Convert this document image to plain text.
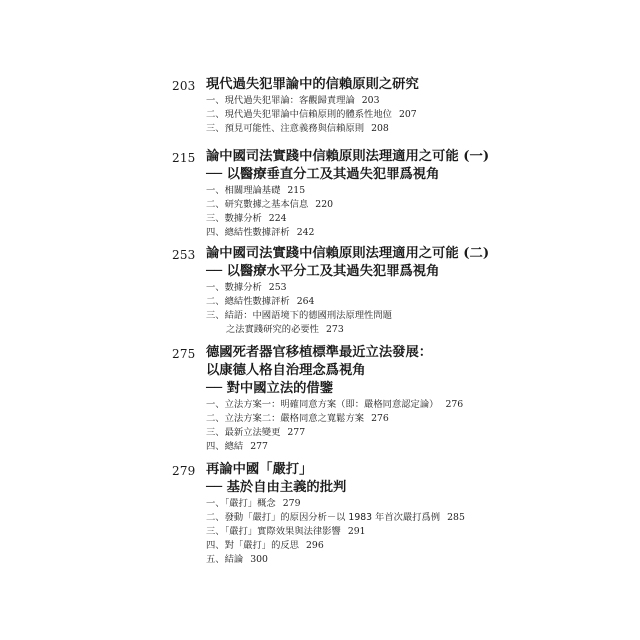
203 現代過失犯罪論中的信賴原則之研究
一、現代過失犯罪論：客觀歸責理論 203
二、現代過失犯罪論中信賴原則的體系性地位 207
三、預見可能性、注意義務與信賴原則 208
215 論中國司法實踐中信賴原則法理適用之可能 (一)
── 以醫療垂直分工及其過失犯罪爲視角
一、相關理論基礎 215
二、研究數據之基本信息 220
三、數據分析 224
四、總結性數據評析 242
253 論中國司法實踐中信賴原則法理適用之可能 (二)
── 以醫療水平分工及其過失犯罪爲視角
一、數據分析 253
二、總結性數據評析 264
三、結語：中國語境下的德國刑法原理性問題
之法實踐研究的必要性 273
275 德國死者器官移植標準最近立法發展：
以康德人格自治理念爲視角
── 對中國立法的借鑒
一、立法方案一：明確同意方案（即：嚴格同意認定論） 276
二、立法方案二：嚴格同意之寬鬆方案 276
三、最新立法變更 277
四、總結 277
279 再論中國「嚴打」
── 基於自由主義的批判
一、「嚴打」概念 279
二、發動「嚴打」的原因分析－以 1983 年首次嚴打爲例 285
三、「嚴打」實際效果與法律影響 291
四、對「嚴打」的反思 296
五、結論 300
